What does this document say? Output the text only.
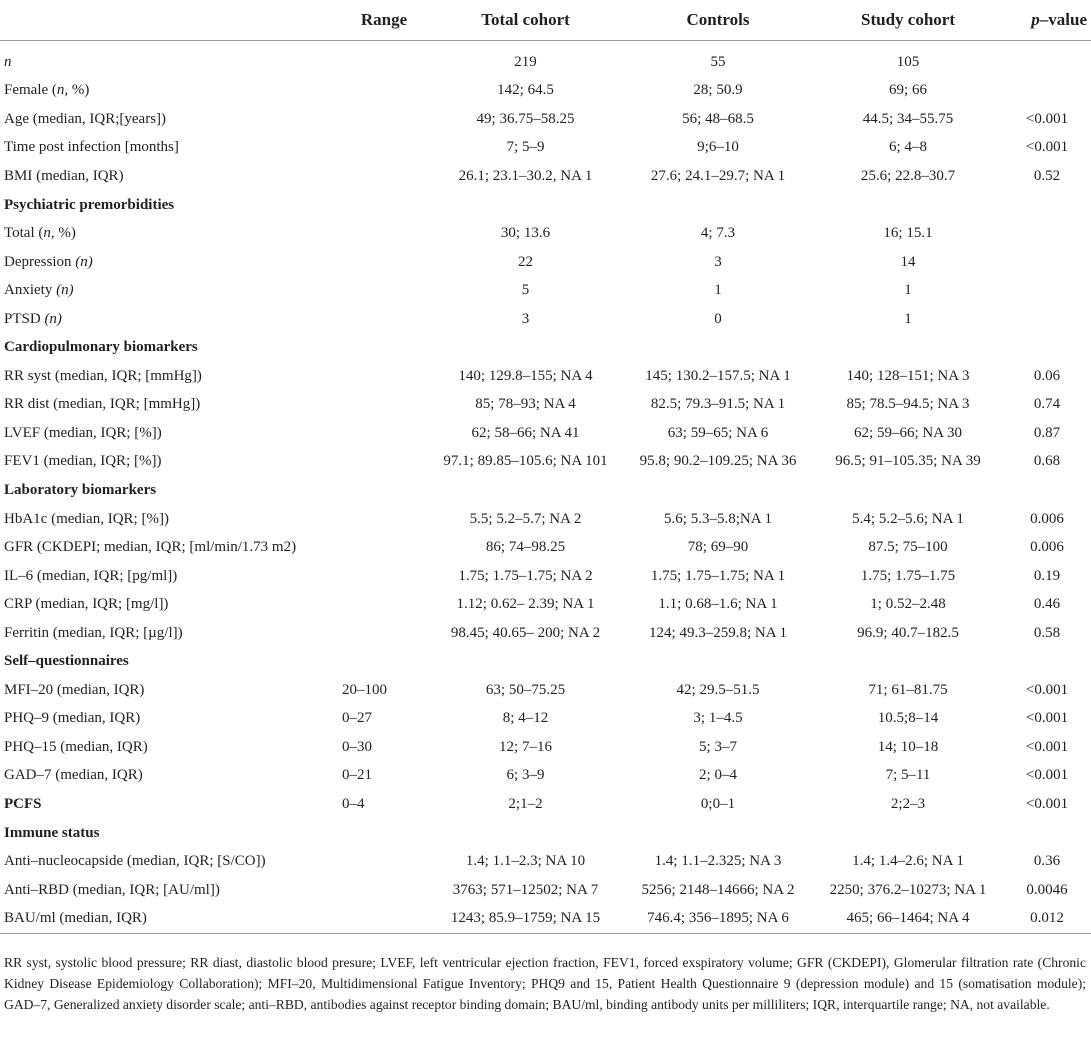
	Range	Total cohort	Controls	Study cohort	p–value

n		219	55	105	
Female (n, %)		142; 64.5	28; 50.9	69; 66	
Age (median, IQR;[years])		49; 36.75–58.25	56; 48–68.5	44.5; 34–55.75	<0.001
Time post infection [months]		7; 5–9	9;6–10	6; 4–8	<0.001
BMI (median, IQR)		26.1; 23.1–30.2, NA 1	27.6; 24.1–29.7; NA 1	25.6; 22.8–30.7	0.52
Psychiatric premorbidities					
Total (n, %)		30; 13.6	4; 7.3	16; 15.1	
Depression (n)		22	3	14	
Anxiety (n)		5	1	1	
PTSD (n)		3	0	1	
Cardiopulmonary biomarkers					
RR syst (median, IQR; [mmHg])		140; 129.8–155; NA 4	145; 130.2–157.5; NA 1	140; 128–151; NA 3	0.06
RR dist (median, IQR; [mmHg])		85; 78–93; NA 4	82.5; 79.3–91.5; NA 1	85; 78.5–94.5; NA 3	0.74
LVEF (median, IQR; [%])		62; 58–66; NA 41	63; 59–65; NA 6	62; 59–66; NA 30	0.87
FEV1 (median, IQR; [%])		97.1; 89.85–105.6; NA 101	95.8; 90.2–109.25; NA 36	96.5; 91–105.35; NA 39	0.68
Laboratory biomarkers					
HbA1c (median, IQR; [%])		5.5; 5.2–5.7; NA 2	5.6; 5.3–5.8;NA 1	5.4; 5.2–5.6; NA 1	0.006
GFR (CKDEPI; median, IQR; [ml/min/1.73 m2)		86; 74–98.25	78; 69–90	87.5; 75–100	0.006
IL–6 (median, IQR; [pg/ml])		1.75; 1.75–1.75; NA 2	1.75; 1.75–1.75; NA 1	1.75; 1.75–1.75	0.19
CRP (median, IQR; [mg/l])		1.12; 0.62– 2.39; NA 1	1.1; 0.68–1.6; NA 1	1; 0.52–2.48	0.46
Ferritin (median, IQR; [µg/l])		98.45; 40.65– 200; NA 2	124; 49.3–259.8; NA 1	96.9; 40.7–182.5	0.58
Self–questionnaires					
MFI–20 (median, IQR)	20–100	63; 50–75.25	42; 29.5–51.5	71; 61–81.75	<0.001
PHQ–9 (median, IQR)	0–27	8; 4–12	3; 1–4.5	10.5;8–14	<0.001
PHQ–15 (median, IQR)	0–30	12; 7–16	5; 3–7	14; 10–18	<0.001
GAD–7 (median, IQR)	0–21	6; 3–9	2; 0–4	7; 5–11	<0.001
PCFS	0–4	2;1–2	0;0–1	2;2–3	<0.001
Immune status					
Anti–nucleocapside (median, IQR; [S/CO])		1.4; 1.1–2.3; NA 10	1.4; 1.1–2.325; NA 3	1.4; 1.4–2.6; NA 1	0.36
Anti–RBD (median, IQR; [AU/ml])		3763; 571–12502; NA 7	5256; 2148–14666; NA 2	2250; 376.2–10273; NA 1	0.0046
BAU/ml (median, IQR)		1243; 85.9–1759; NA 15	746.4; 356–1895; NA 6	465; 66–1464; NA 4	0.012
RR syst, systolic blood pressure; RR diast, diastolic blood presure; LVEF, left ventricular ejection fraction, FEV1, forced exspiratory volume; GFR (CKDEPI), Glomerular filtration rate (Chronic Kidney Disease Epidemiology Collaboration); MFI–20, Multidimensional Fatigue Inventory; PHQ9 and 15, Patient Health Questionnaire 9 (depression module) and 15 (somatisation module); GAD–7, Generalized anxiety disorder scale; anti–RBD, antibodies against receptor binding domain; BAU/ml, binding antibody units per milliliters; IQR, interquartile range; NA, not available.
